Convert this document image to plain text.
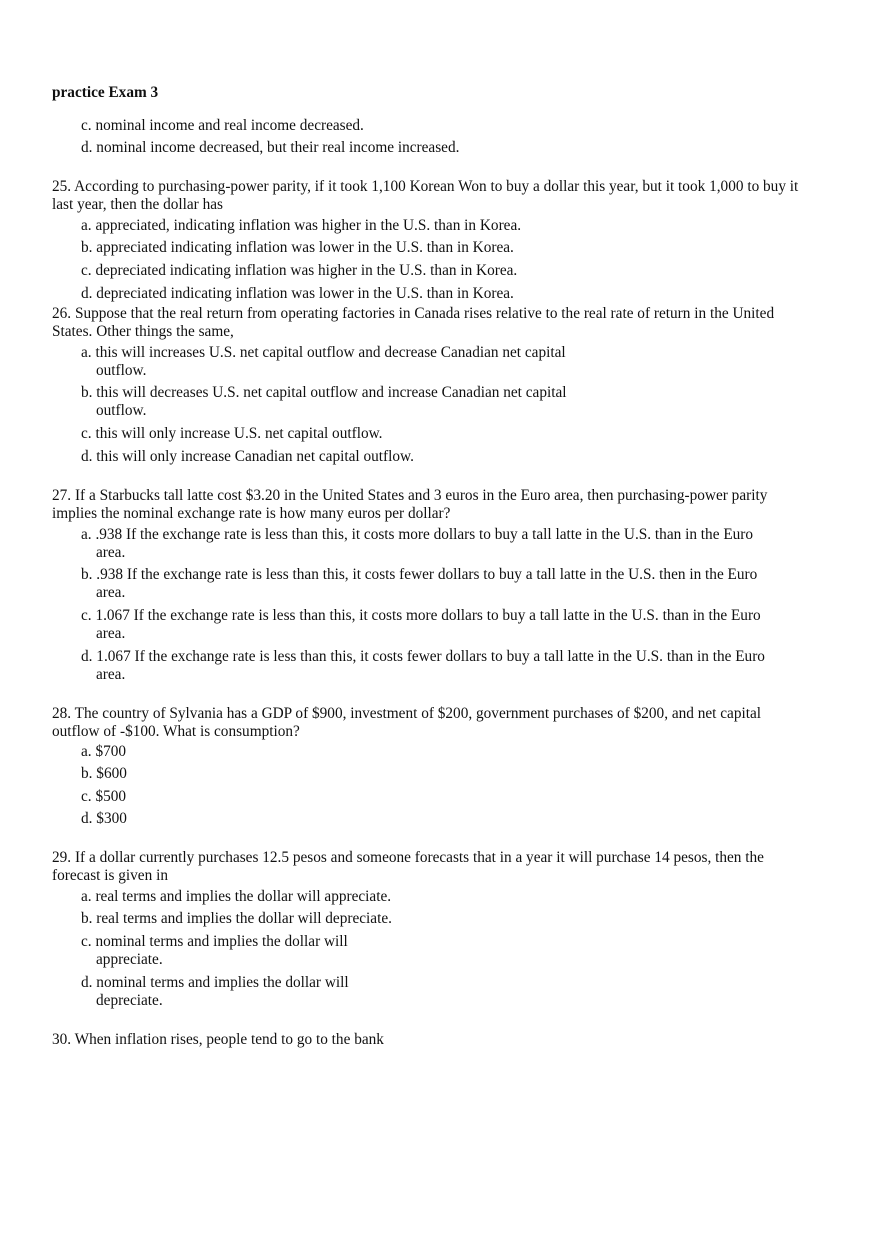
practice Exam 3
c. nominal income and real income decreased.
d. nominal income decreased, but their real income increased.
25. According to purchasing-power parity, if it took 1,100 Korean Won to buy a dollar this year, but it took 1,000 to buy it
last year, then the dollar has
a. appreciated, indicating inflation was higher in the U.S. than in Korea.
b. appreciated indicating inflation was lower in the U.S. than in Korea.
c. depreciated indicating inflation was higher in the U.S. than in Korea.
d. depreciated indicating inflation was lower in the U.S. than in Korea.
26. Suppose that the real return from operating factories in Canada rises relative to the real rate of return in the United
States. Other things the same,
a. this will increases U.S. net capital outflow and decrease Canadian net capital
outflow.
b. this will decreases U.S. net capital outflow and increase Canadian net capital
outflow.
c. this will only increase U.S. net capital outflow.
d. this will only increase Canadian net capital outflow.
27. If a Starbucks tall latte cost $3.20 in the United States and 3 euros in the Euro area, then purchasing-power parity
implies the nominal exchange rate is how many euros per dollar?
a. .938 If the exchange rate is less than this, it costs more dollars to buy a tall latte in the U.S. than in the Euro
area.
b. .938 If the exchange rate is less than this, it costs fewer dollars to buy a tall latte in the U.S. then in the Euro
area.
c. 1.067 If the exchange rate is less than this, it costs more dollars to buy a tall latte in the U.S. than in the Euro
area.
d. 1.067 If the exchange rate is less than this, it costs fewer dollars to buy a tall latte in the U.S. than in the Euro
area.
28. The country of Sylvania has a GDP of $900, investment of $200, government purchases of $200, and net capital
outflow of -$100. What is consumption?
a. $700
b. $600
c. $500
d. $300
29. If a dollar currently purchases 12.5 pesos and someone forecasts that in a year it will purchase 14 pesos, then the
forecast is given in
a. real terms and implies the dollar will appreciate.
b. real terms and implies the dollar will depreciate.
c. nominal terms and implies the dollar will
appreciate.
d. nominal terms and implies the dollar will
depreciate.
30. When inflation rises, people tend to go to the bank
